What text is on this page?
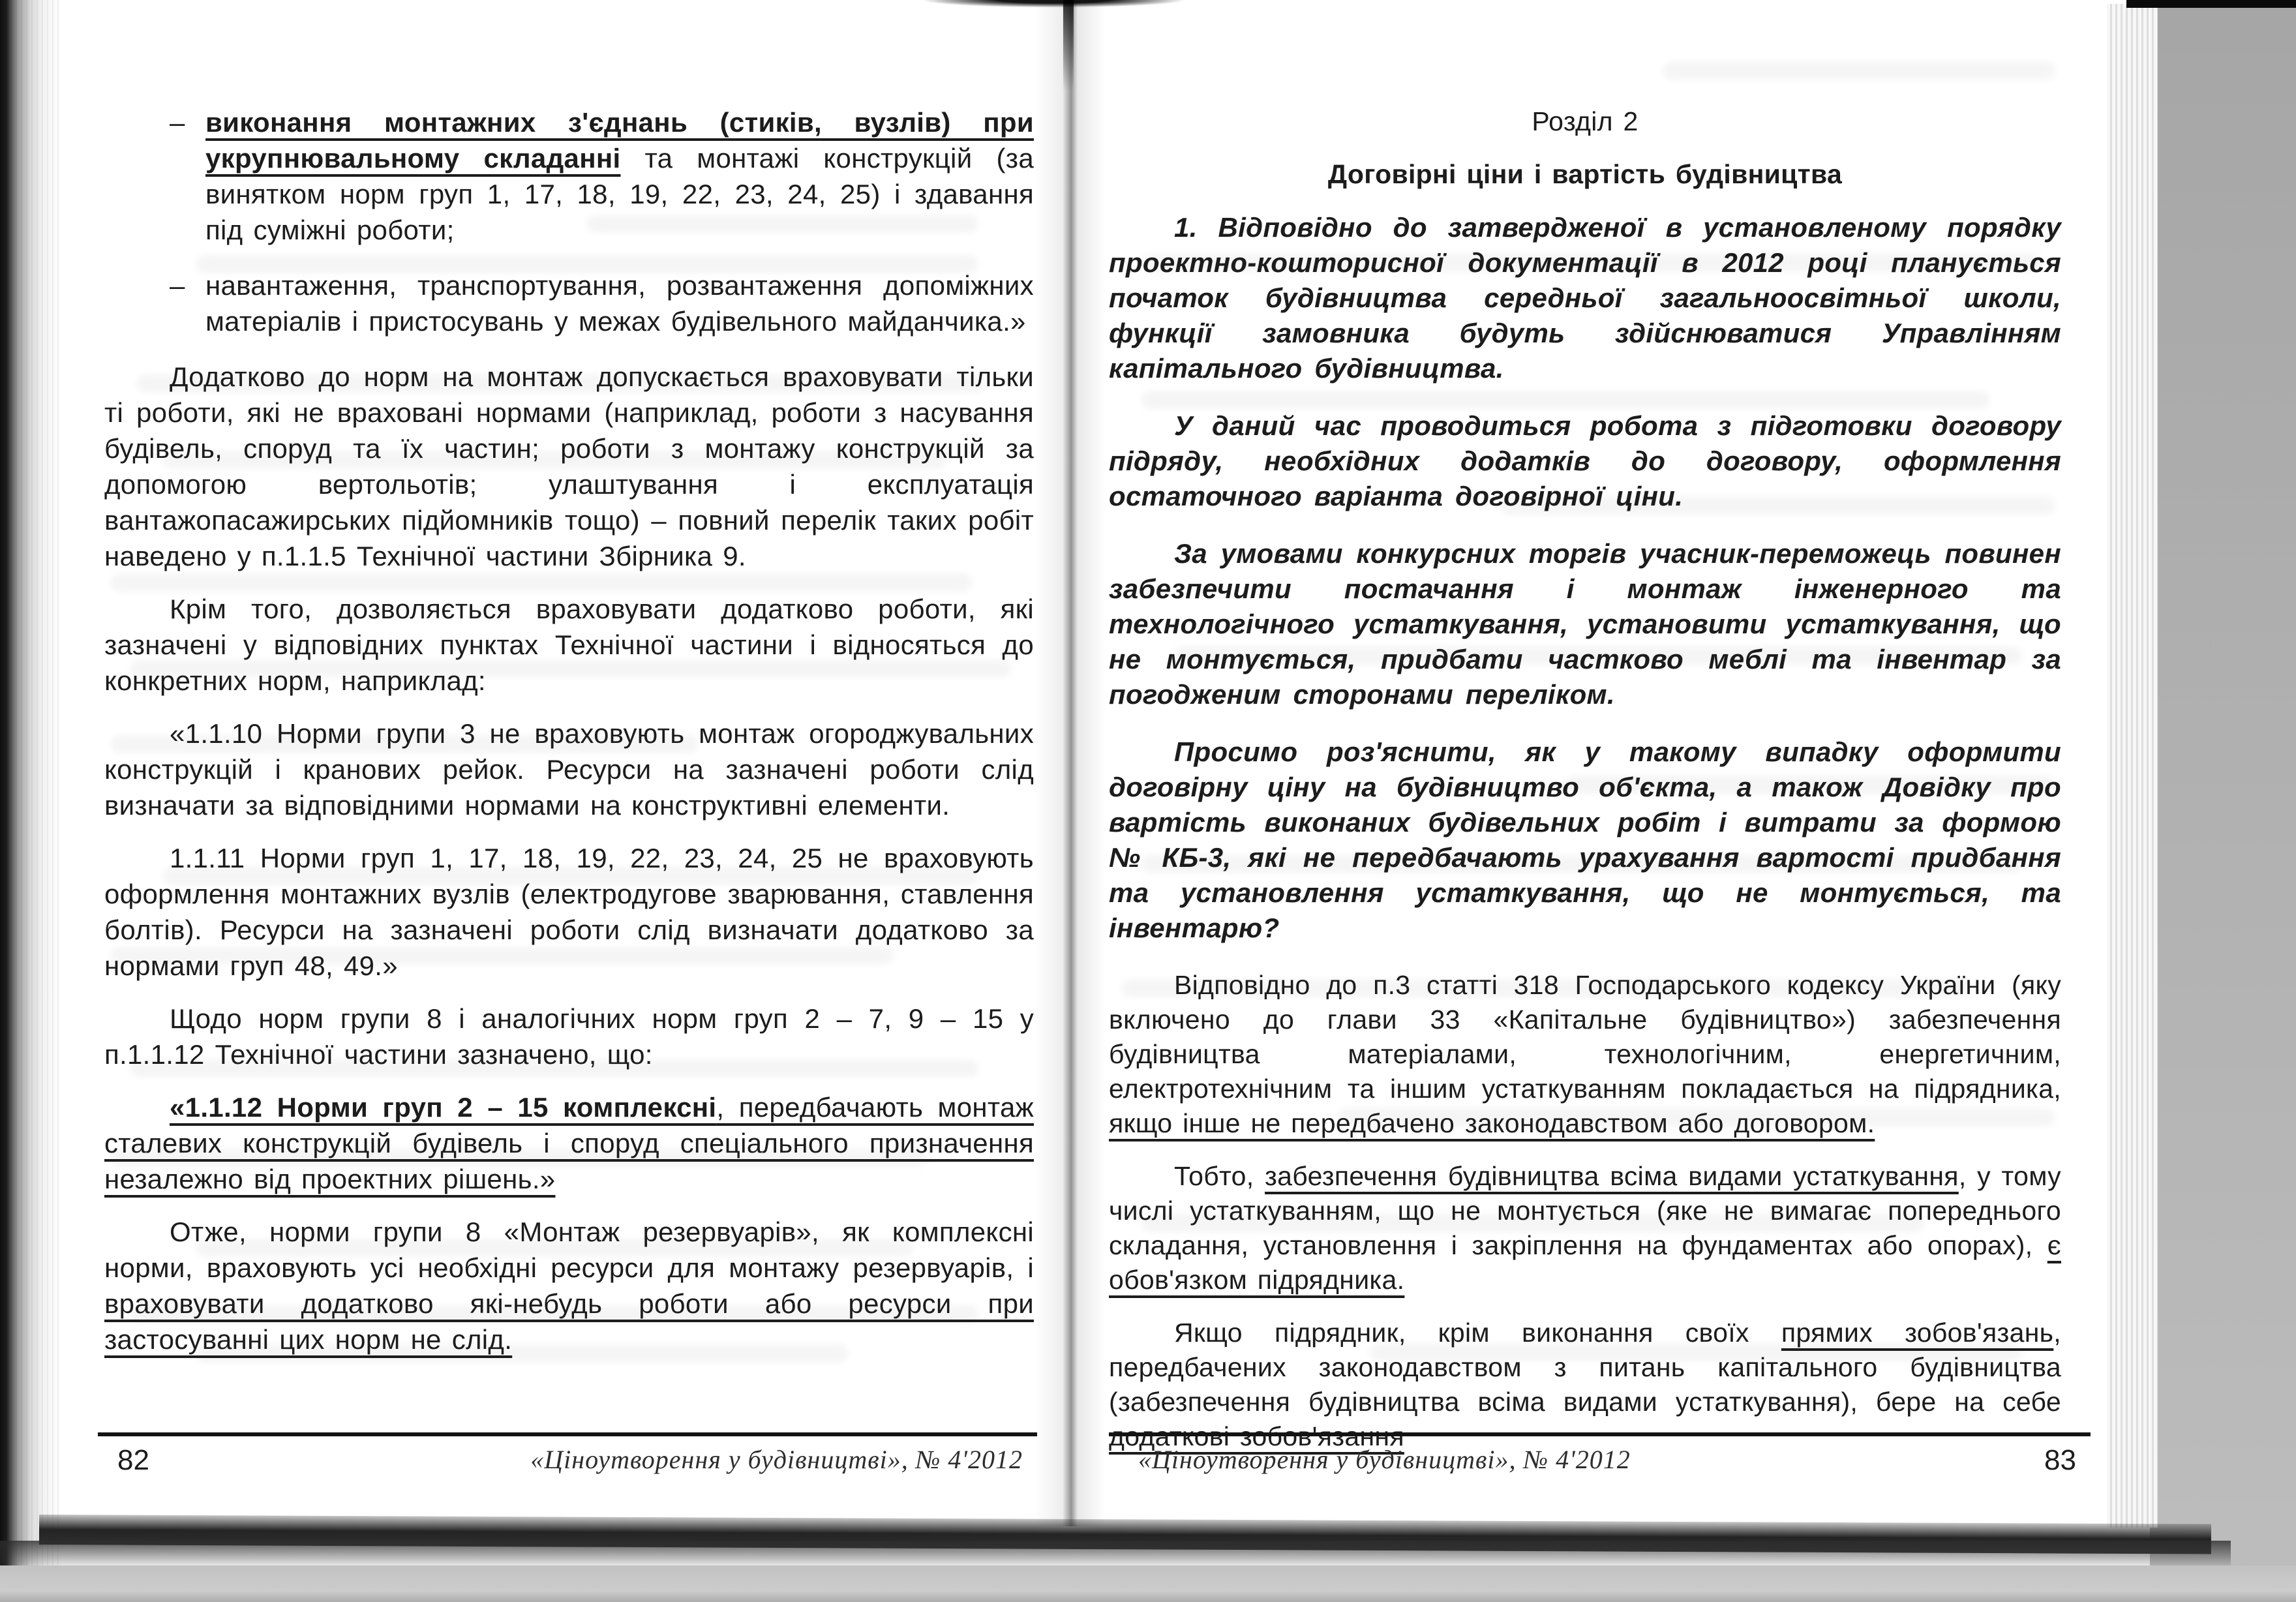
– виконання монтажних з'єднань (стиків, вузлів) при укрупнювальному складанні та монтажі конструкцій (за винятком норм груп 1, 17, 18, 19, 22, 23, 24, 25) і здавання під суміжні роботи;

– навантаження, транспортування, розвантаження допоміжних матеріалів і пристосувань у межах будівельного майданчика.»

Додатково до норм на монтаж допускається враховувати тільки ті роботи, які не враховані нормами (наприклад, роботи з насування будівель, споруд та їх частин; роботи з монтажу конструкцій за допомогою вертольотів; улаштування і експлуатація вантажопасажирських підйомників тощо) – повний перелік таких робіт наведено у п.1.1.5 Технічної частини Збірника 9.

Крім того, дозволяється враховувати додатково роботи, які зазначені у відповідних пунктах Технічної частини і відносяться до конкретних норм, наприклад:

«1.1.10 Норми групи 3 не враховують монтаж огороджувальних конструкцій і кранових рейок. Ресурси на зазначені роботи слід визначати за відповідними нормами на конструктивні елементи.

1.1.11 Норми груп 1, 17, 18, 19, 22, 23, 24, 25 не враховують оформлення монтажних вузлів (електродугове зварювання, ставлення болтів). Ресурси на зазначені роботи слід визначати додатково за нормами груп 48, 49.»

Щодо норм групи 8 і аналогічних норм груп 2 – 7, 9 – 15 у п.1.1.12 Технічної частини зазначено, що:

«1.1.12 Норми груп 2 – 15 комплексні, передбачають монтаж сталевих конструкцій будівель і споруд спеціального призначення незалежно від проектних рішень.»

Отже, норми групи 8 «Монтаж резервуарів», як комплексні норми, враховують усі необхідні ресурси для монтажу резервуарів, і враховувати додатково які-небудь роботи або ресурси при застосуванні цих норм не слід.

Розділ 2

Договірні ціни і вартість будівництва

1. Відповідно до затвердженої в установленому порядку проектно-кошторисної документації в 2012 році планується початок будівництва середньої загальноосвітньої школи, функції замовника будуть здійснюватися Управлінням капітального будівництва.

У даний час проводиться робота з підготовки договору підряду, необхідних додатків до договору, оформлення остаточного варіанта договірної ціни.

За умовами конкурсних торгів учасник-переможець повинен забезпечити постачання і монтаж інженерного та технологічного устаткування, установити устаткування, що не монтується, придбати частково меблі та інвентар за погодженим сторонами переліком.

Просимо роз'яснити, як у такому випадку оформити договірну ціну на будівництво об'єкта, а також Довідку про вартість виконаних будівельних робіт і витрати за формою № КБ-3, які не передбачають урахування вартості придбання та установлення устаткування, що не монтується, та інвентарю?

Відповідно до п.3 статті 318 Господарського кодексу України (яку включено до глави 33 «Капітальне будівництво») забезпечення будівництва матеріалами, технологічним, енергетичним, електротехнічним та іншим устаткуванням покладається на підрядника, якщо інше не передбачено законодавством або договором.

Тобто, забезпечення будівництва всіма видами устаткування, у тому числі устаткуванням, що не монтується (яке не вимагає попереднього складання, установлення і закріплення на фундаментах або опорах), є обов'язком підрядника.

Якщо підрядник, крім виконання своїх прямих зобов'язань, передбачених законодавством з питань капітального будівництва (забезпечення будівництва всіма видами устаткування), бере на себе додаткові зобов'язання

82	«Ціноутворення у будівництві», № 4'2012	«Ціноутворення у будівництві», № 4'2012	83
